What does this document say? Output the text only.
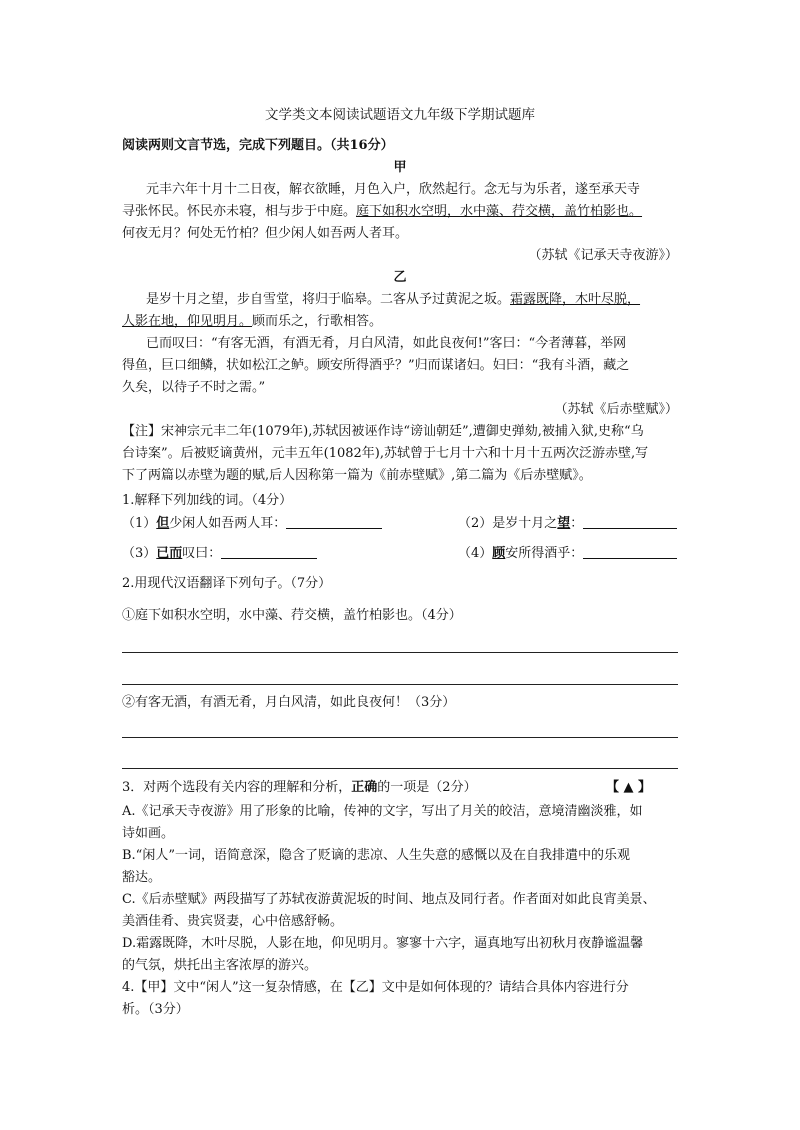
文学类文本阅读试题语文九年级下学期试题库
阅读两则文言节选，完成下列题目。（共16分）
甲
元丰六年十月十二日夜，解衣欲睡，月色入户，欣然起行。念无与为乐者，遂至承天寺
寻张怀民。怀民亦未寝，相与步于中庭。庭下如积水空明，水中藻、荇交横，盖竹柏影也。
何夜无月？何处无竹柏？但少闲人如吾两人者耳。
（苏轼《记承天寺夜游》）
乙
是岁十月之望，步自雪堂，将归于临皋。二客从予过黄泥之坂。霜露既降，木叶尽脱，
人影在地，仰见明月。顾而乐之，行歌相答。
已而叹曰：“有客无酒，有酒无肴，月白风清，如此良夜何!”客曰：“今者薄暮，举网
得鱼，巨口细鳞，状如松江之鲈。顾安所得酒乎？”归而谋诸妇。妇曰：“我有斗酒，藏之
久矣，以待子不时之需。”
（苏轼《后赤壁赋》）
【注】宋神宗元丰二年(1079年),苏轼因被诬作诗“谤讪朝廷”,遭御史弹劾,被捕入狱,史称“乌
台诗案”。后被贬谪黄州，元丰五年(1082年),苏轼曾于七月十六和十月十五两次泛游赤壁,写
下了两篇以赤壁为题的赋,后人因称第一篇为《前赤壁赋》,第二篇为《后赤壁赋》。
1.解释下列加线的词。（4分）
（1）但少闲人如吾两人耳：	（2）是岁十月之望：
（3）已而叹曰：	（4）顾安所得酒乎：
2.用现代汉语翻译下列句子。（7分）
①庭下如积水空明，水中藻、荇交横，盖竹柏影也。（4分）
②有客无酒，有酒无肴，月白风清，如此良夜何！（3分）
3．对两个选段有关内容的理解和分析，正确的一项是（2分）	【 ▲ 】
A.《记承天寺夜游》用了形象的比喻，传神的文字，写出了月关的皎洁，意境清幽淡雅，如
诗如画。
B.“闲人”一词，语简意深，隐含了贬谪的悲凉、人生失意的感慨以及在自我排遣中的乐观
豁达。
C.《后赤壁赋》两段描写了苏轼夜游黄泥坂的时间、地点及同行者。作者面对如此良宵美景、
美酒佳肴、贵宾贤妻，心中倍感舒畅。
D.霜露既降，木叶尽脱，人影在地，仰见明月。寥寥十六字，逼真地写出初秋月夜静谧温馨
的气氛，烘托出主客浓厚的游兴。
4.【甲】文中“闲人”这一复杂情感，在【乙】文中是如何体现的？请结合具体内容进行分
析。（3分）
